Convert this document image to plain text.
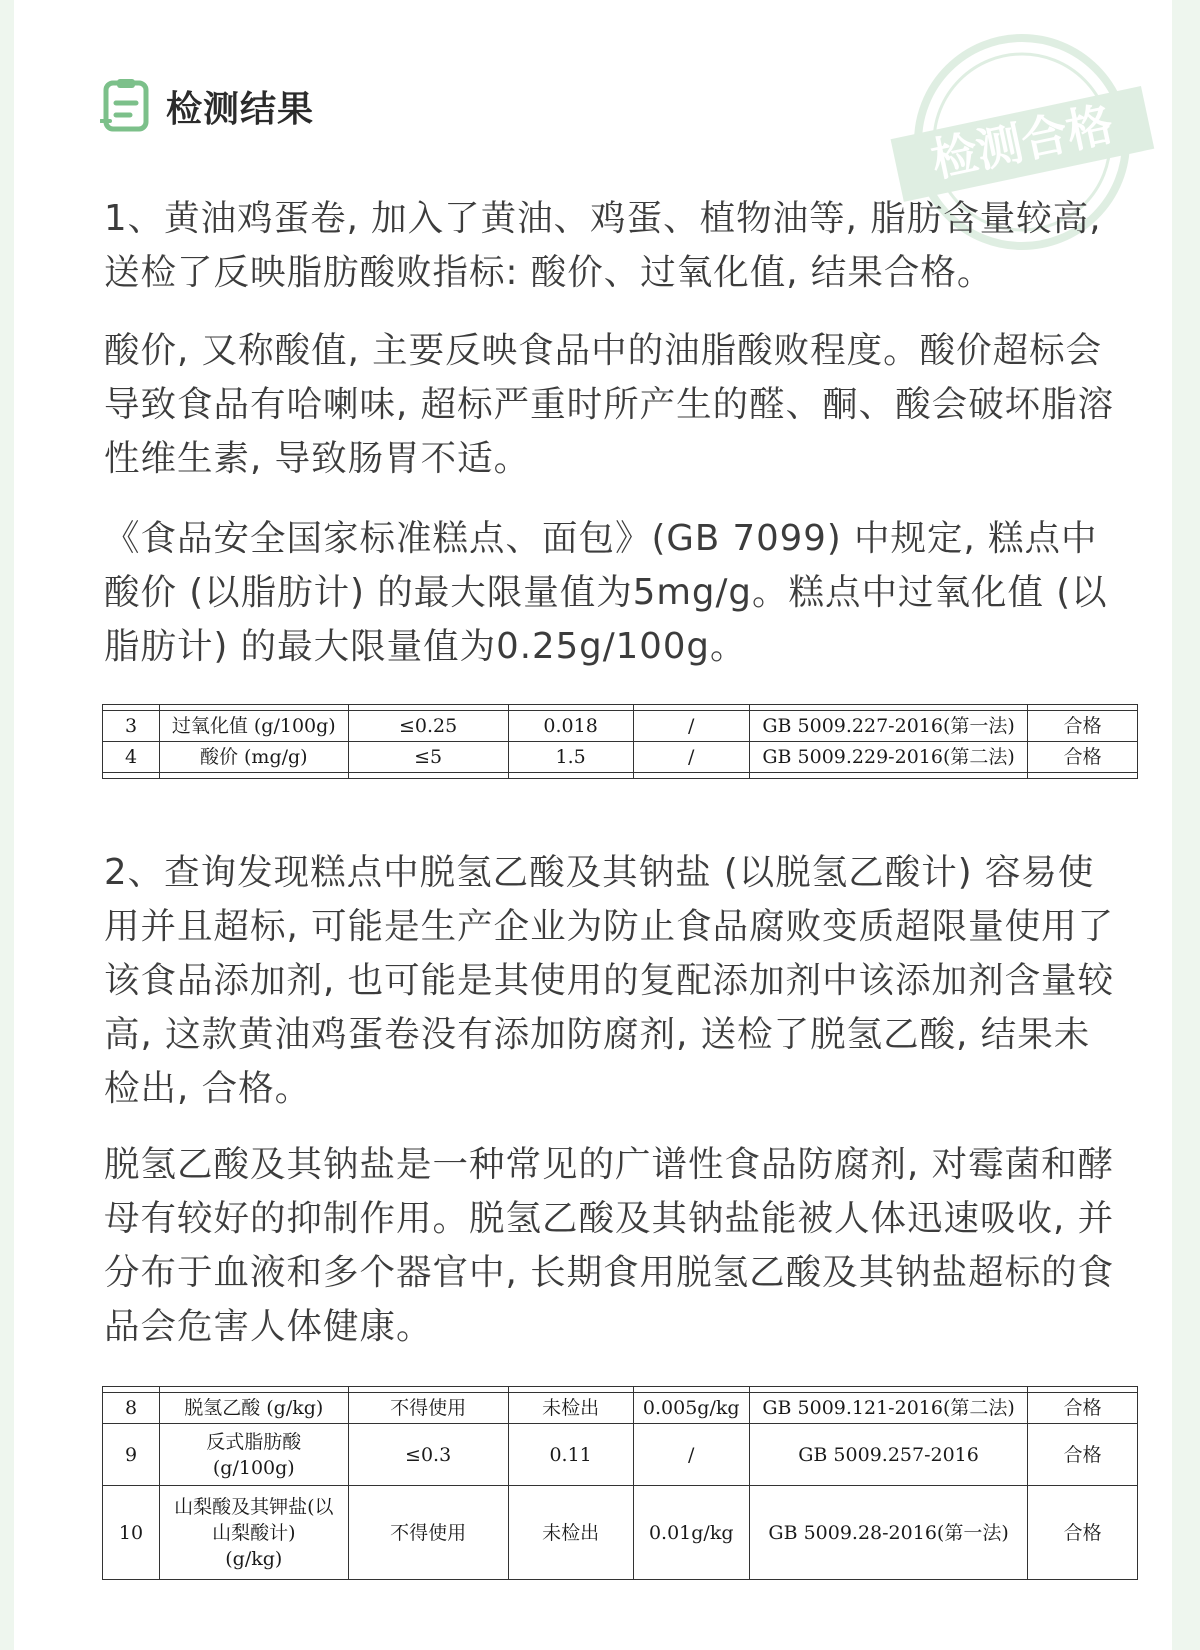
检测合格
检测结果

1、黄油鸡蛋卷, 加入了黄油、鸡蛋、植物油等, 脂肪含量较高, 送检了反映脂肪酸败指标: 酸价、过氧化值, 结果合格。

酸价, 又称酸值, 主要反映食品中的油脂酸败程度。酸价超标会导致食品有哈喇味, 超标严重时所产生的醛、酮、酸会破坏脂溶性维生素, 导致肠胃不适。

《食品安全国家标准糕点、面包》(GB 7099) 中规定, 糕点中酸价 (以脂肪计) 的最大限量值为5mg/g。糕点中过氧化值 (以脂肪计) 的最大限量值为0.25g/100g。

3	过氧化值 (g/100g)	≤0.25	0.018	/	GB 5009.227-2016(第一法)	合格
4	酸价 (mg/g)	≤5	1.5	/	GB 5009.229-2016(第二法)	合格

2、查询发现糕点中脱氢乙酸及其钠盐 (以脱氢乙酸计) 容易使用并且超标, 可能是生产企业为防止食品腐败变质超限量使用了该食品添加剂, 也可能是其使用的复配添加剂中该添加剂含量较高, 这款黄油鸡蛋卷没有添加防腐剂, 送检了脱氢乙酸, 结果未检出, 合格。

脱氢乙酸及其钠盐是一种常见的广谱性食品防腐剂, 对霉菌和酵母有较好的抑制作用。脱氢乙酸及其钠盐能被人体迅速吸收, 并分布于血液和多个器官中, 长期食用脱氢乙酸及其钠盐超标的食品会危害人体健康。

8	脱氢乙酸 (g/kg)	不得使用	未检出	0.005g/kg	GB 5009.121-2016(第二法)	合格
9	反式脂肪酸
(g/100g)	≤0.3	0.11	/	GB 5009.257-2016	合格
10	山梨酸及其钾盐(以
山梨酸计)
(g/kg)	不得使用	未检出	0.01g/kg	GB 5009.28-2016(第一法)	合格
